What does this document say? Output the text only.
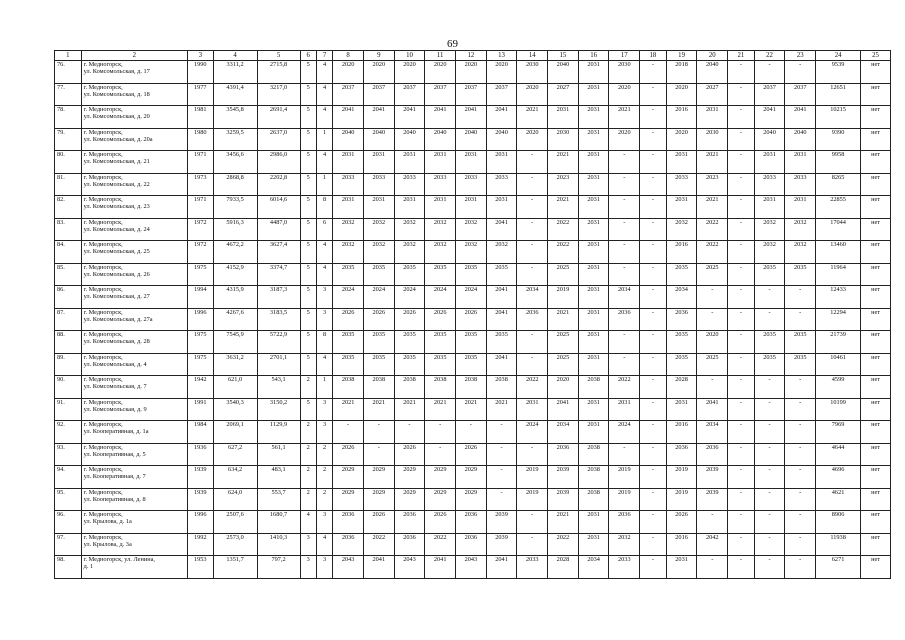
69
1	2	3	4	5	6	7	8	9	10	11	12	13	14	15	16	17	18	19	20	21	22	23	24	25
76.	г. Медногорск,
ул. Комсомольская, д. 17	1990	3311,2	2715,8	5	4	2020	2020	2020	2020	2020	2020	2030	2040	2031	2030	-	2018	2040	-	-	-	9539	нет
77.	г. Медногорск,
ул. Комсомольская, д. 18	1977	4391,4	3217,0	5	4	2037	2037	2037	2037	2037	2037	2020	2027	2031	2020	-	2020	2027	-	2037	2037	12651	нет
78.	г. Медногорск,
ул. Комсомольская, д. 20	1981	3545,8	2691,4	5	4	2041	2041	2041	2041	2041	2041	2021	2031	2031	2021	-	2016	2031	-	2041	2041	10215	нет
79.	г. Медногорск,
ул. Комсомольская, д. 20а	1980	3259,5	2637,0	5	1	2040	2040	2040	2040	2040	2040	2020	2030	2031	2020	-	2020	2030	-	2040	2040	9390	нет
80.	г. Медногорск,
ул. Комсомольская, д. 21	1971	3456,6	2986,0	5	4	2031	2031	2031	2031	2031	2031	-	2021	2031	-	-	2031	2021	-	2031	2031	9958	нет
81.	г. Медногорск,
ул. Комсомольская, д. 22	1973	2868,8	2202,8	5	1	2033	2033	2033	2033	2033	2033	-	2023	2031	-	-	2033	2023	-	2033	2033	8265	нет
82.	г. Медногорск,
ул. Комсомольская, д. 23	1971	7933,5	6014,6	5	8	2031	2031	2031	2031	2031	2031	-	2021	2031	-	-	2031	2021	-	2031	2031	22855	нет
83.	г. Медногорск,
ул. Комсомольская, д. 24	1972	5916,3	4487,0	5	6	2032	2032	2032	2032	2032	2041	-	2022	2031	-	-	2032	2022	-	2032	2032	17044	нет
84.	г. Медногорск,
ул. Комсомольская, д. 25	1972	4672,2	3627,4	5	4	2032	2032	2032	2032	2032	2032	-	2022	2031	-	-	2016	2022	-	2032	2032	13460	нет
85.	г. Медногорск,
ул. Комсомольская, д. 26	1975	4152,9	3374,7	5	4	2035	2035	2035	2035	2035	2035	-	2025	2031	-	-	2035	2025	-	2035	2035	11964	нет
86.	г. Медногорск,
ул. Комсомольская, д. 27	1994	4315,9	3187,3	5	3	2024	2024	2024	2024	2024	2041	2034	2019	2031	2034	-	2034	-	-	-	-	12433	нет
87.	г. Медногорск,
ул. Комсомольская, д. 27а	1996	4267,6	3183,5	5	3	2026	2026	2026	2026	2026	2041	2036	2021	2031	2036	-	2036	-	-	-	-	12294	нет
88.	г. Медногорск,
ул. Комсомольская, д. 28	1975	7545,9	5722,9	5	8	2035	2035	2035	2035	2035	2035	-	2025	2031	-	-	2035	2020	-	2035	2035	21739	нет
89.	г. Медногорск,
ул. Комсомольская, д. 4	1975	3631,2	2701,1	5	4	2035	2035	2035	2035	2035	2041	-	2025	2031	-	-	2035	2025	-	2035	2035	10461	нет
90.	г. Медногорск,
ул. Комсомольская, д. 7	1942	621,0	543,1	2	1	2038	2038	2038	2038	2038	2038	2022	2020	2038	2022	-	2028	-	-	-	-	4599	нет
91.	г. Медногорск,
ул. Комсомольская, д. 9	1991	3540,3	3150,2	5	3	2021	2021	2021	2021	2021	2021	2031	2041	2031	2031	-	2031	2041	-	-	-	10199	нет
92.	г. Медногорск,
ул. Кооперативная, д. 1а	1984	2069,1	1129,9	2	3	-	-	-	-	-	-	2024	2034	2031	2024	-	2016	2034	-	-	-	7969	нет
93.	г. Медногорск,
ул. Кооперативная, д. 5	1936	627,2	561,1	2	2	2026	-	2026	-	2026	-	-	2036	2038	-	-	2036	2036	-	-	-	4644	нет
94.	г. Медногорск,
ул. Кооперативная, д. 7	1939	634,2	483,1	2	2	2029	2029	2029	2029	2029	-	2019	2039	2038	2019	-	2019	2039	-	-	-	4696	нет
95.	г. Медногорск,
ул. Кооперативная, д. 8	1939	624,0	553,7	2	2	2029	2029	2029	2029	2029	-	2019	2039	2038	2019	-	2019	2039	-	-	-	4621	нет
96.	г. Медногорск,
ул. Крылова, д. 1а	1996	2507,6	1680,7	4	3	2036	2026	2036	2026	2036	2039	-	2021	2031	2036	-	2026	-	-	-	-	8906	нет
97.	г. Медногорск,
ул. Крылова, д. 3а	1992	2573,0	1410,3	3	4	2036	2022	2036	2022	2036	2039	-	2022	2031	2032	-	2016	2042	-	-	-	11938	нет
98.	г. Медногорск, ул. Ленина,
д. 1	1953	1351,7	797,2	3	3	2043	2041	2043	2041	2043	2041	2033	2028	2034	2033	-	2031	-	-	-	-	6271	нет
